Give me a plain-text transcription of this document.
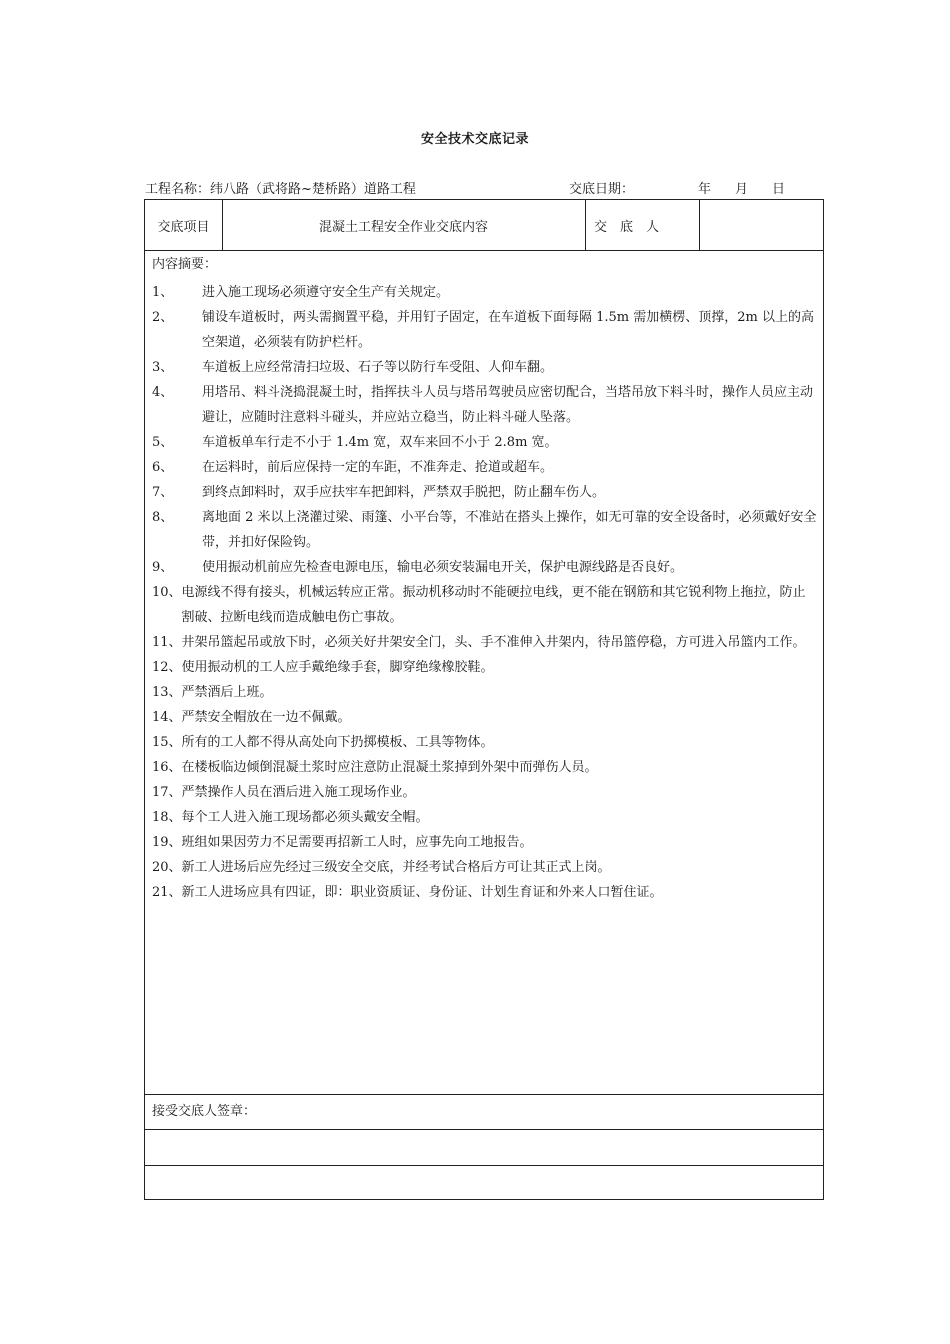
安全技术交底记录
工程名称：纬八路（武将路~楚桥路）道路工程	交底日期：	年 月 日
交底项目	混凝土工程安全作业交底内容	交　底　人
内容摘要：
1、	进入施工现场必须遵守安全生产有关规定。
2、	铺设车道板时，两头需搁置平稳，并用钉子固定，在车道板下面每隔 1.5m 需加横楞、顶撑，2m 以上的高空架道，必须装有防护栏杆。
3、	车道板上应经常清扫垃圾、石子等以防行车受阻、人仰车翻。
4、	用塔吊、料斗浇捣混凝土时，指挥扶斗人员与塔吊驾驶员应密切配合，当塔吊放下料斗时，操作人员应主动避让，应随时注意料斗碰头，并应站立稳当，防止料斗碰人坠落。
5、	车道板单车行走不小于 1.4m 宽，双车来回不小于 2.8m 宽。
6、	在运料时，前后应保持一定的车距，不准奔走、抢道或超车。
7、	到终点卸料时，双手应扶牢车把卸料，严禁双手脱把，防止翻车伤人。
8、	离地面 2 米以上浇灌过梁、雨篷、小平台等，不准站在搭头上操作，如无可靠的安全设备时，必须戴好安全带，并扣好保险钩。
9、	使用振动机前应先检查电源电压，输电必须安装漏电开关，保护电源线路是否良好。
10、 电源线不得有接头，机械运转应正常。振动机移动时不能硬拉电线，更不能在钢筋和其它锐利物上拖拉，防止割破、拉断电线而造成触电伤亡事故。
11、 井架吊篮起吊或放下时，必须关好井架安全门，头、手不准伸入井架内，待吊篮停稳，方可进入吊篮内工作。
12、 使用振动机的工人应手戴绝缘手套，脚穿绝缘橡胶鞋。
13、 严禁酒后上班。
14、 严禁安全帽放在一边不佩戴。
15、 所有的工人都不得从高处向下扔掷模板、工具等物体。
16、 在楼板临边倾倒混凝土浆时应注意防止混凝土浆掉到外架中而弹伤人员。
17、 严禁操作人员在酒后进入施工现场作业。
18、 每个工人进入施工现场都必须头戴安全帽。
19、 班组如果因劳力不足需要再招新工人时，应事先向工地报告。
20、 新工人进场后应先经过三级安全交底，并经考试合格后方可让其正式上岗。
21、 新工人进场应具有四证，即：职业资质证、身份证、计划生育证和外来人口暂住证。
接受交底人签章：
